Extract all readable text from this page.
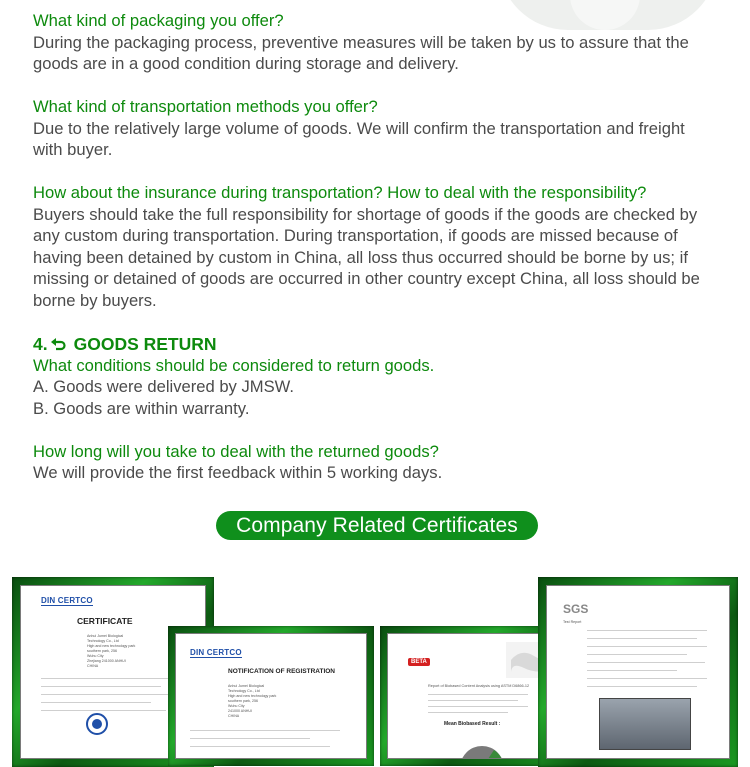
What kind of packaging you offer?

During the packaging process, preventive measures will be taken by us to assure that the

goods are in a good condition during storage and delivery.

What kind of transportation methods you offer?

Due to the relatively large volume of goods. We will confirm the transportation and freight

with buyer.

How about the insurance during transportation? How to deal with the responsibility?

Buyers should take the full responsibility for shortage of goods if the goods are checked by

any custom during transportation. During transportation, if goods are missed because of

having been detained by custom in China, all loss thus occurred should be borne by us; if

missing or detained of goods are occurred in other country except China, all loss should be

borne by buyers.

4. GOODS RETURN

What conditions should be considered to return goods.

A. Goods were delivered by JMSW.

B. Goods are within warranty.

How long will you take to deal with the returned goods?

We will provide the first feedback within 5 working days.

Company Related Certificates
DIN CERTCO
CERTIFICATE
Anhui Jumei Biological
Technology Co., Ltd
High and new technology park
southern park, 256
Wuhu City
Zhejiang 241000 ANHUI
CHINA
DIN CERTCO
NOTIFICATION OF REGISTRATION
Anhui Jumei Biological
Technology Co., Ltd
High and new technology park
southern park, 256
Wuhu City
241000 ANHUI
CHINA
BETA
Report of Biobased Content Analysis using ASTM D6866-12
Mean Biobased Result :
SGS
Test Report
